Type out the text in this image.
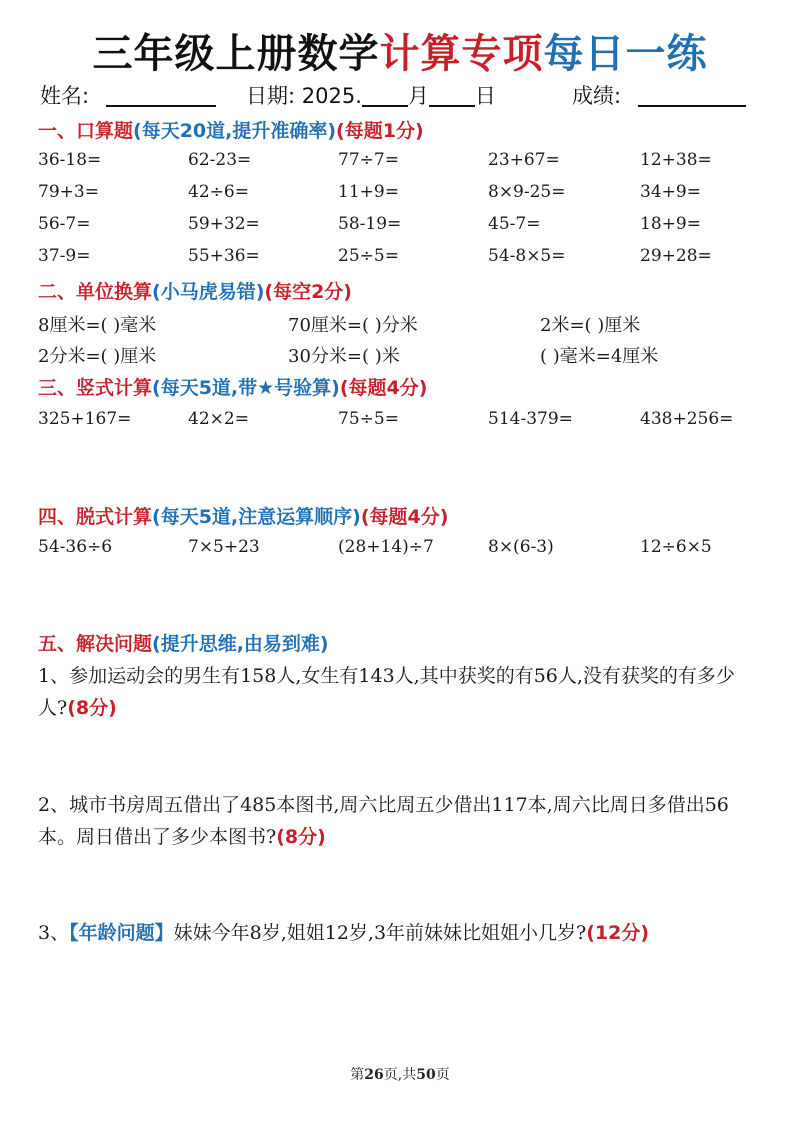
三年级上册数学计算专项每日一练
姓名:	日期: 2025. 月 日	成绩:
一、口算题(每天20道,提升准确率)(每题1分)
36-18=	62-23=	77÷7=	23+67=	12+38=
79+3=	42÷6=	11+9=	8×9-25=	34+9=
56-7=	59+32=	58-19=	45-7=	18+9=
37-9=	55+36=	25÷5=	54-8×5=	29+28=
二、单位换算(小马虎易错)(每空2分)
8厘米=( )毫米	70厘米=( )分米	2米=( )厘米
2分米=( )厘米	30分米=( )米	( )毫米=4厘米
三、竖式计算(每天5道,带★号验算)(每题4分)
325+167=	42×2=	75÷5=	514-379=	438+256=
四、脱式计算(每天5道,注意运算顺序)(每题4分)
54-36÷6	7×5+23	(28+14)÷7	8×(6-3)	12÷6×5
五、解决问题(提升思维,由易到难)
1、参加运动会的男生有158人,女生有143人,其中获奖的有56人,没有获奖的有多少人?(8分)
2、城市书房周五借出了485本图书,周六比周五少借出117本,周六比周日多借出56本。周日借出了多少本图书?(8分)
3、【年龄问题】妹妹今年8岁,姐姐12岁,3年前妹妹比姐姐小几岁?(12分)
第26页,共50页
